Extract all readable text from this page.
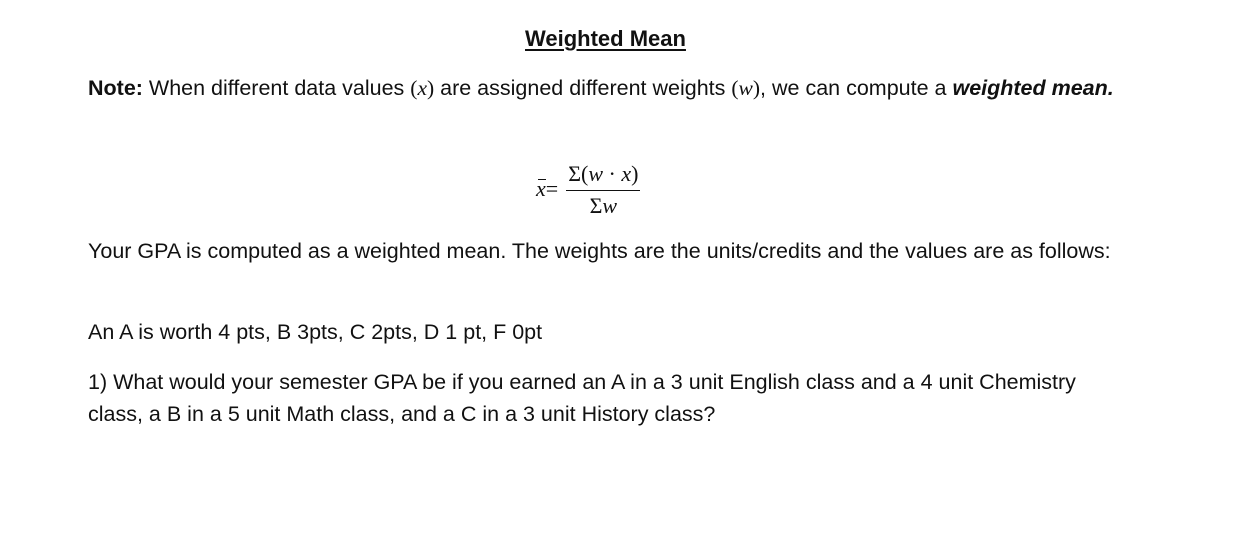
Weighted Mean
Note: When different data values (x) are assigned different weights (w), we can compute a weighted mean.
$x = \frac{\Sigma(w \cdot x)}{\Sigma w}$
Your GPA is computed as a weighted mean. The weights are the units/credits and the values are as follows:
An A is worth 4 pts, B 3pts, C 2pts, D 1 pt, F 0pt
1) What would your semester GPA be if you earned an A in a 3 unit English class and a 4 unit Chemistry class, a B in a 5 unit Math class, and a C in a 3 unit History class?
